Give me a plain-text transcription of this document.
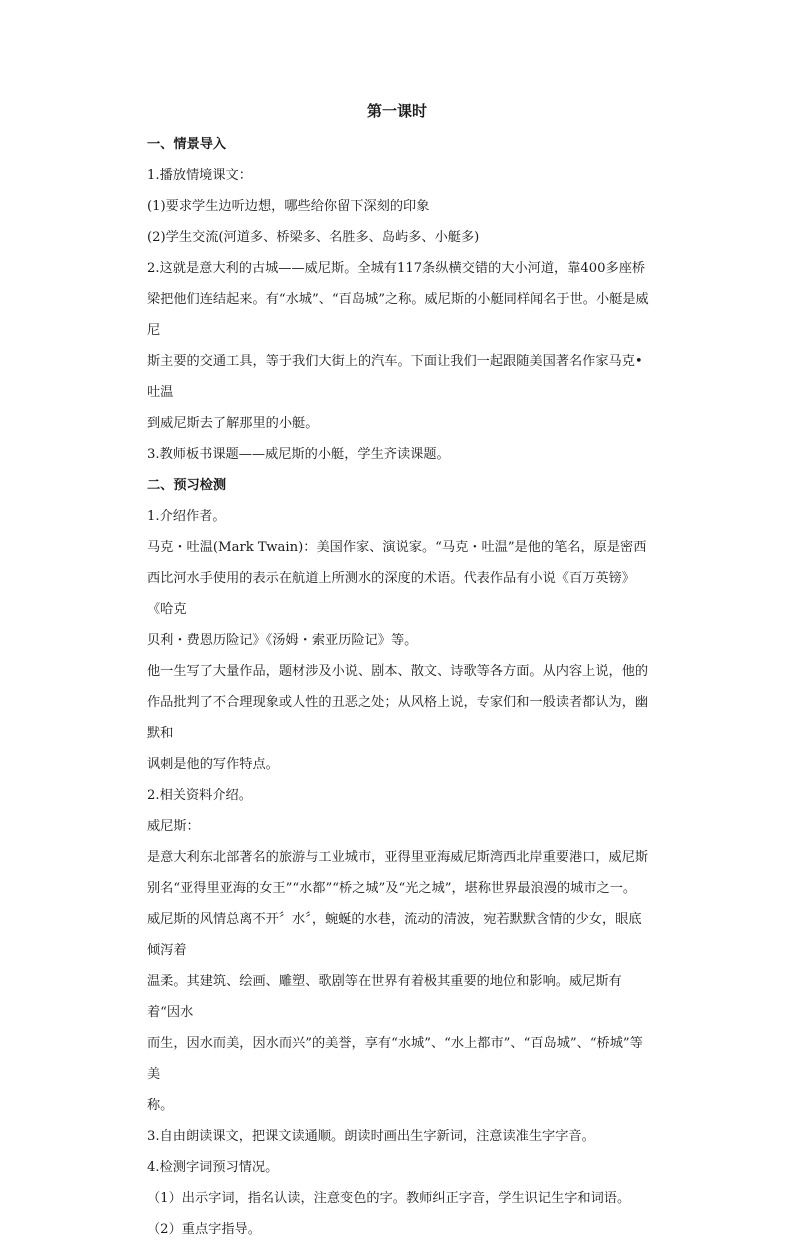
第一课时

一、情景导入

1.播放情境课文：

(1)要求学生边听边想，哪些给你留下深刻的印象

(2)学生交流(河道多、桥梁多、名胜多、岛屿多、小艇多)

2.这就是意大利的古城——威尼斯。全城有117条纵横交错的大小河道，靠400多座桥

梁把他们连结起来。有“水城”、“百岛城”之称。威尼斯的小艇同样闻名于世。小艇是威尼

斯主要的交通工具，等于我们大街上的汽车。下面让我们一起跟随美国著名作家马克•吐温

到威尼斯去了解那里的小艇。

3.教师板书课题——威尼斯的小艇，学生齐读课题。

二、预习检测

1.介绍作者。

马克・吐温(Mark Twain)：美国作家、演说家。“马克・吐温”是他的笔名，原是密西

西比河水手使用的表示在航道上所测水的深度的术语。代表作品有小说《百万英镑》《哈克

贝利・费恩历险记》《汤姆・索亚历险记》等。

他一生写了大量作品，题材涉及小说、剧本、散文、诗歌等各方面。从内容上说，他的

作品批判了不合理现象或人性的丑恶之处；从风格上说，专家们和一般读者都认为，幽默和

讽刺是他的写作特点。

2.相关资料介绍。

威尼斯：

是意大利东北部著名的旅游与工业城市，亚得里亚海威尼斯湾西北岸重要港口，威尼斯

别名“亚得里亚海的女王”“水都”“桥之城”及“光之城”，堪称世界最浪漫的城市之一。

威尼斯的风情总离不开〞水〞，蜿蜒的水巷，流动的清波，宛若默默含情的少女，眼底倾泻着

温柔。其建筑、绘画、雕塑、歌剧等在世界有着极其重要的地位和影响。威尼斯有着“因水

而生，因水而美，因水而兴”的美誉，享有“水城”、“水上都市”、“百岛城”、“桥城”等美

称。

3.自由朗读课文，把课文读通顺。朗读时画出生字新词，注意读准生字字音。

4.检测字词预习情况。

（1）出示字词，指名认读，注意变色的字。教师纠正字音，学生识记生字和词语。

（2）重点字指导。
